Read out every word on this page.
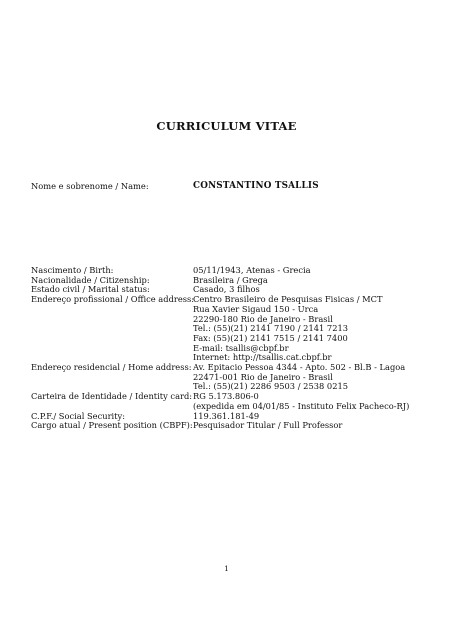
CURRICULUM VITAE
Nome e sobrenome / Name:	CONSTANTINO TSALLIS
Nascimento / Birth:	05/11/1943, Atenas - Grecia
Nacionalidade / Citizenship:	Brasileira / Grega
Estado civil / Marital status:	Casado, 3 filhos
Endereço profissional / Office address:
Centro Brasileiro de Pesquisas Fisicas / MCT
Rua Xavier Sigaud 150 - Urca
22290-180 Rio de Janeiro - Brasil
Tel.: (55)(21) 2141 7190 / 2141 7213
Fax: (55)(21) 2141 7515 / 2141 7400
E-mail: tsallis@cbpf.br
Internet: http://tsallis.cat.cbpf.br
Endereço residencial / Home address: Av. Epitacio Pessoa 4344 - Apto. 502 - Bl.B - Lagoa
22471-001 Rio de Janeiro - Brasil
Tel.: (55)(21) 2286 9503 / 2538 0215
Carteira de Identidade / Identity card: RG 5.173.806-0
(expedida em 04/01/85 - Instituto Felix Pacheco-RJ)
C.P.F./ Social Security:	119.361.181-49
Cargo atual / Present position (CBPF): Pesquisador Titular / Full Professor
1
